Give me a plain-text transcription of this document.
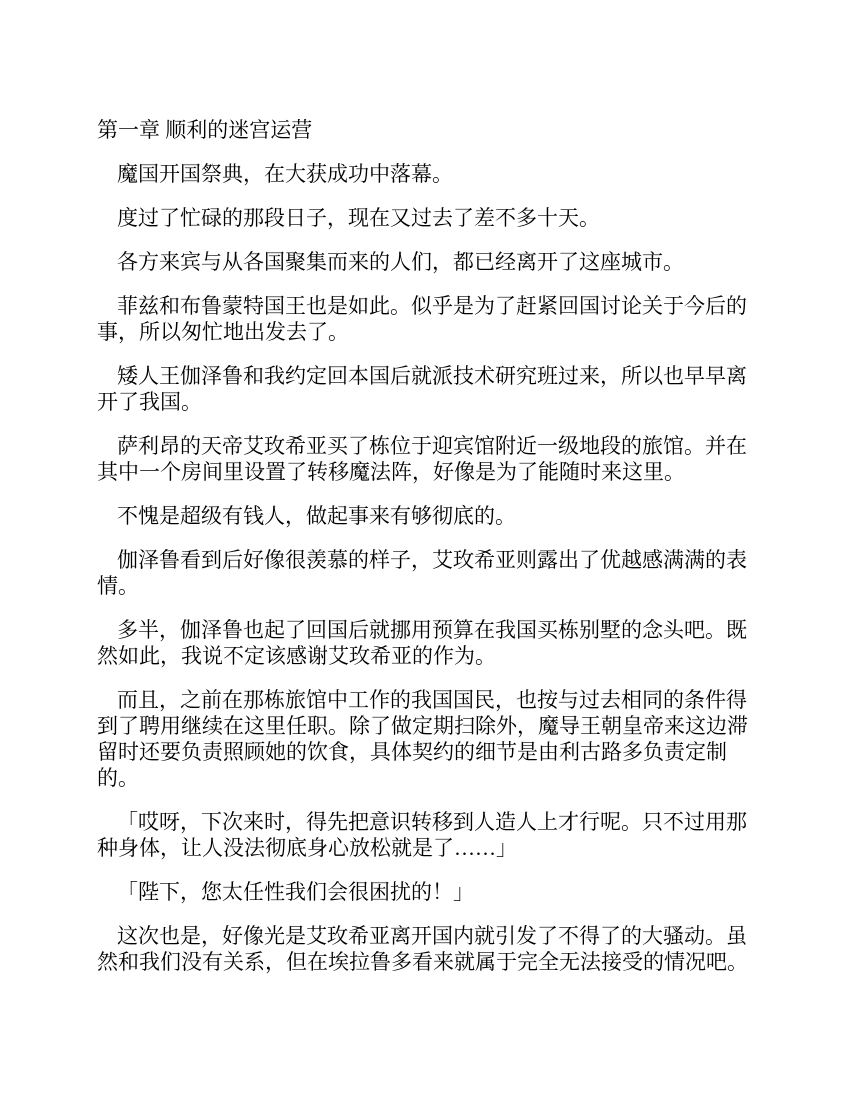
第一章 顺利的迷宫运营

魔国开国祭典，在大获成功中落幕。

度过了忙碌的那段日子，现在又过去了差不多十天。

各方来宾与从各国聚集而来的人们，都已经离开了这座城市。

菲兹和布鲁蒙特国王也是如此。似乎是为了赶紧回国讨论关于今后的事，所以匆忙地出发去了。

矮人王伽泽鲁和我约定回本国后就派技术研究班过来，所以也早早离开了我国。

萨利昂的天帝艾玫希亚买了栋位于迎宾馆附近一级地段的旅馆。并在其中一个房间里设置了转移魔法阵，好像是为了能随时来这里。

不愧是超级有钱人，做起事来有够彻底的。

伽泽鲁看到后好像很羡慕的样子，艾玫希亚则露出了优越感满满的表情。

多半，伽泽鲁也起了回国后就挪用预算在我国买栋别墅的念头吧。既然如此，我说不定该感谢艾玫希亚的作为。

而且，之前在那栋旅馆中工作的我国国民，也按与过去相同的条件得到了聘用继续在这里任职。除了做定期扫除外，魔导王朝皇帝来这边滞留时还要负责照顾她的饮食，具体契约的细节是由利古路多负责定制的。

「哎呀，下次来时，得先把意识转移到人造人上才行呢。只不过用那种身体，让人没法彻底身心放松就是了……」

「陛下，您太任性我们会很困扰的！」

这次也是，好像光是艾玫希亚离开国内就引发了不得了的大骚动。虽然和我们没有关系，但在埃拉鲁多看来就属于完全无法接受的情况吧。
